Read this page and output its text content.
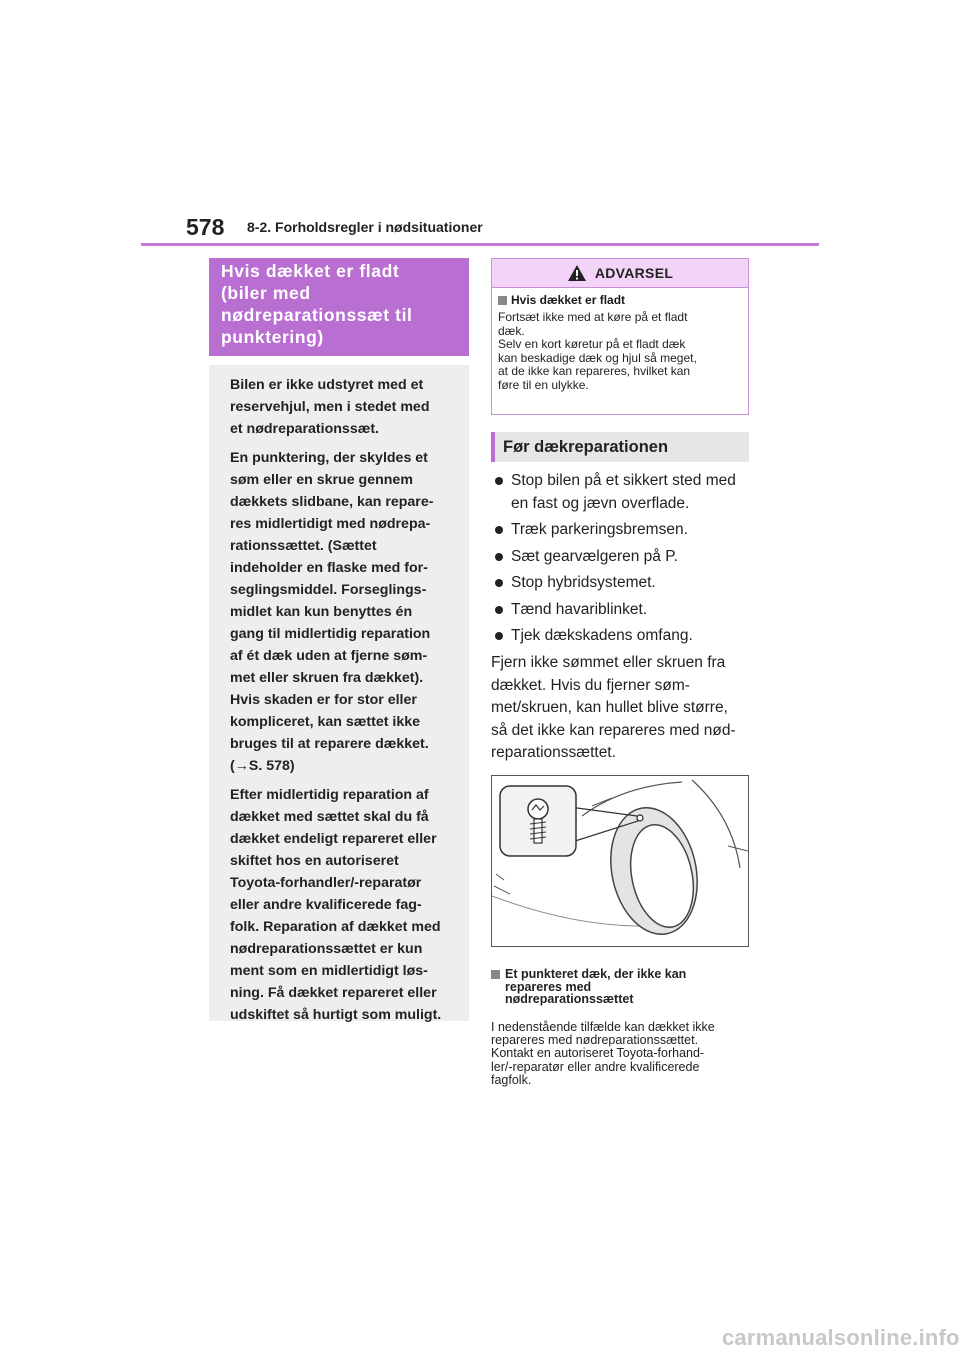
578 8-2. Forholdsregler i nødsituationer
Hvis dækket er fladt
(biler med
nødreparationssæt til
punktering)

Bilen er ikke udstyret med et
reservehjul, men i stedet med
et nødreparationssæt.

En punktering, der skyldes et
søm eller en skrue gennem
dækkets slidbane, kan repare-
res midlertidigt med nødrepa-
rationssættet. (Sættet
indeholder en flaske med for-
seglingsmiddel. Forseglings-
midlet kan kun benyttes én
gang til midlertidig reparation
af ét dæk uden at fjerne søm-
met eller skruen fra dækket).
Hvis skaden er for stor eller
kompliceret, kan sættet ikke
bruges til at reparere dækket.
(→S. 578)

Efter midlertidig reparation af
dækket med sættet skal du få
dækket endeligt repareret eller
skiftet hos en autoriseret
Toyota-forhandler/-reparatør
eller andre kvalificerede fag-
folk. Reparation af dækket med
nødreparationssættet er kun
ment som en midlertidigt løs-
ning. Få dækket repareret eller
udskiftet så hurtigt som muligt.

ADVARSEL
Hvis dækket er fladt
Fortsæt ikke med at køre på et fladt
dæk.
Selv en kort køretur på et fladt dæk
kan beskadige dæk og hjul så meget,
at de ikke kan repareres, hvilket kan
føre til en ulykke.
Før dækreparationen
Stop bilen på et sikkert sted med
en fast og jævn overflade.
Træk parkeringsbremsen.
Sæt gearvælgeren på P.
Stop hybridsystemet.
Tænd havariblinket.
Tjek dækskadens omfang.
Fjern ikke sømmet eller skruen fra
dækket. Hvis du fjerner søm-
met/skruen, kan hullet blive større,
så det ikke kan repareres med nød-
reparationssættet.
Et punkteret dæk, der ikke kan
repareres med
nødreparationssættet
I nedenstående tilfælde kan dækket ikke
repareres med nødreparationssættet.
Kontakt en autoriseret Toyota-forhand-
ler/-reparatør eller andre kvalificerede
fagfolk.
carmanualsonline.info
